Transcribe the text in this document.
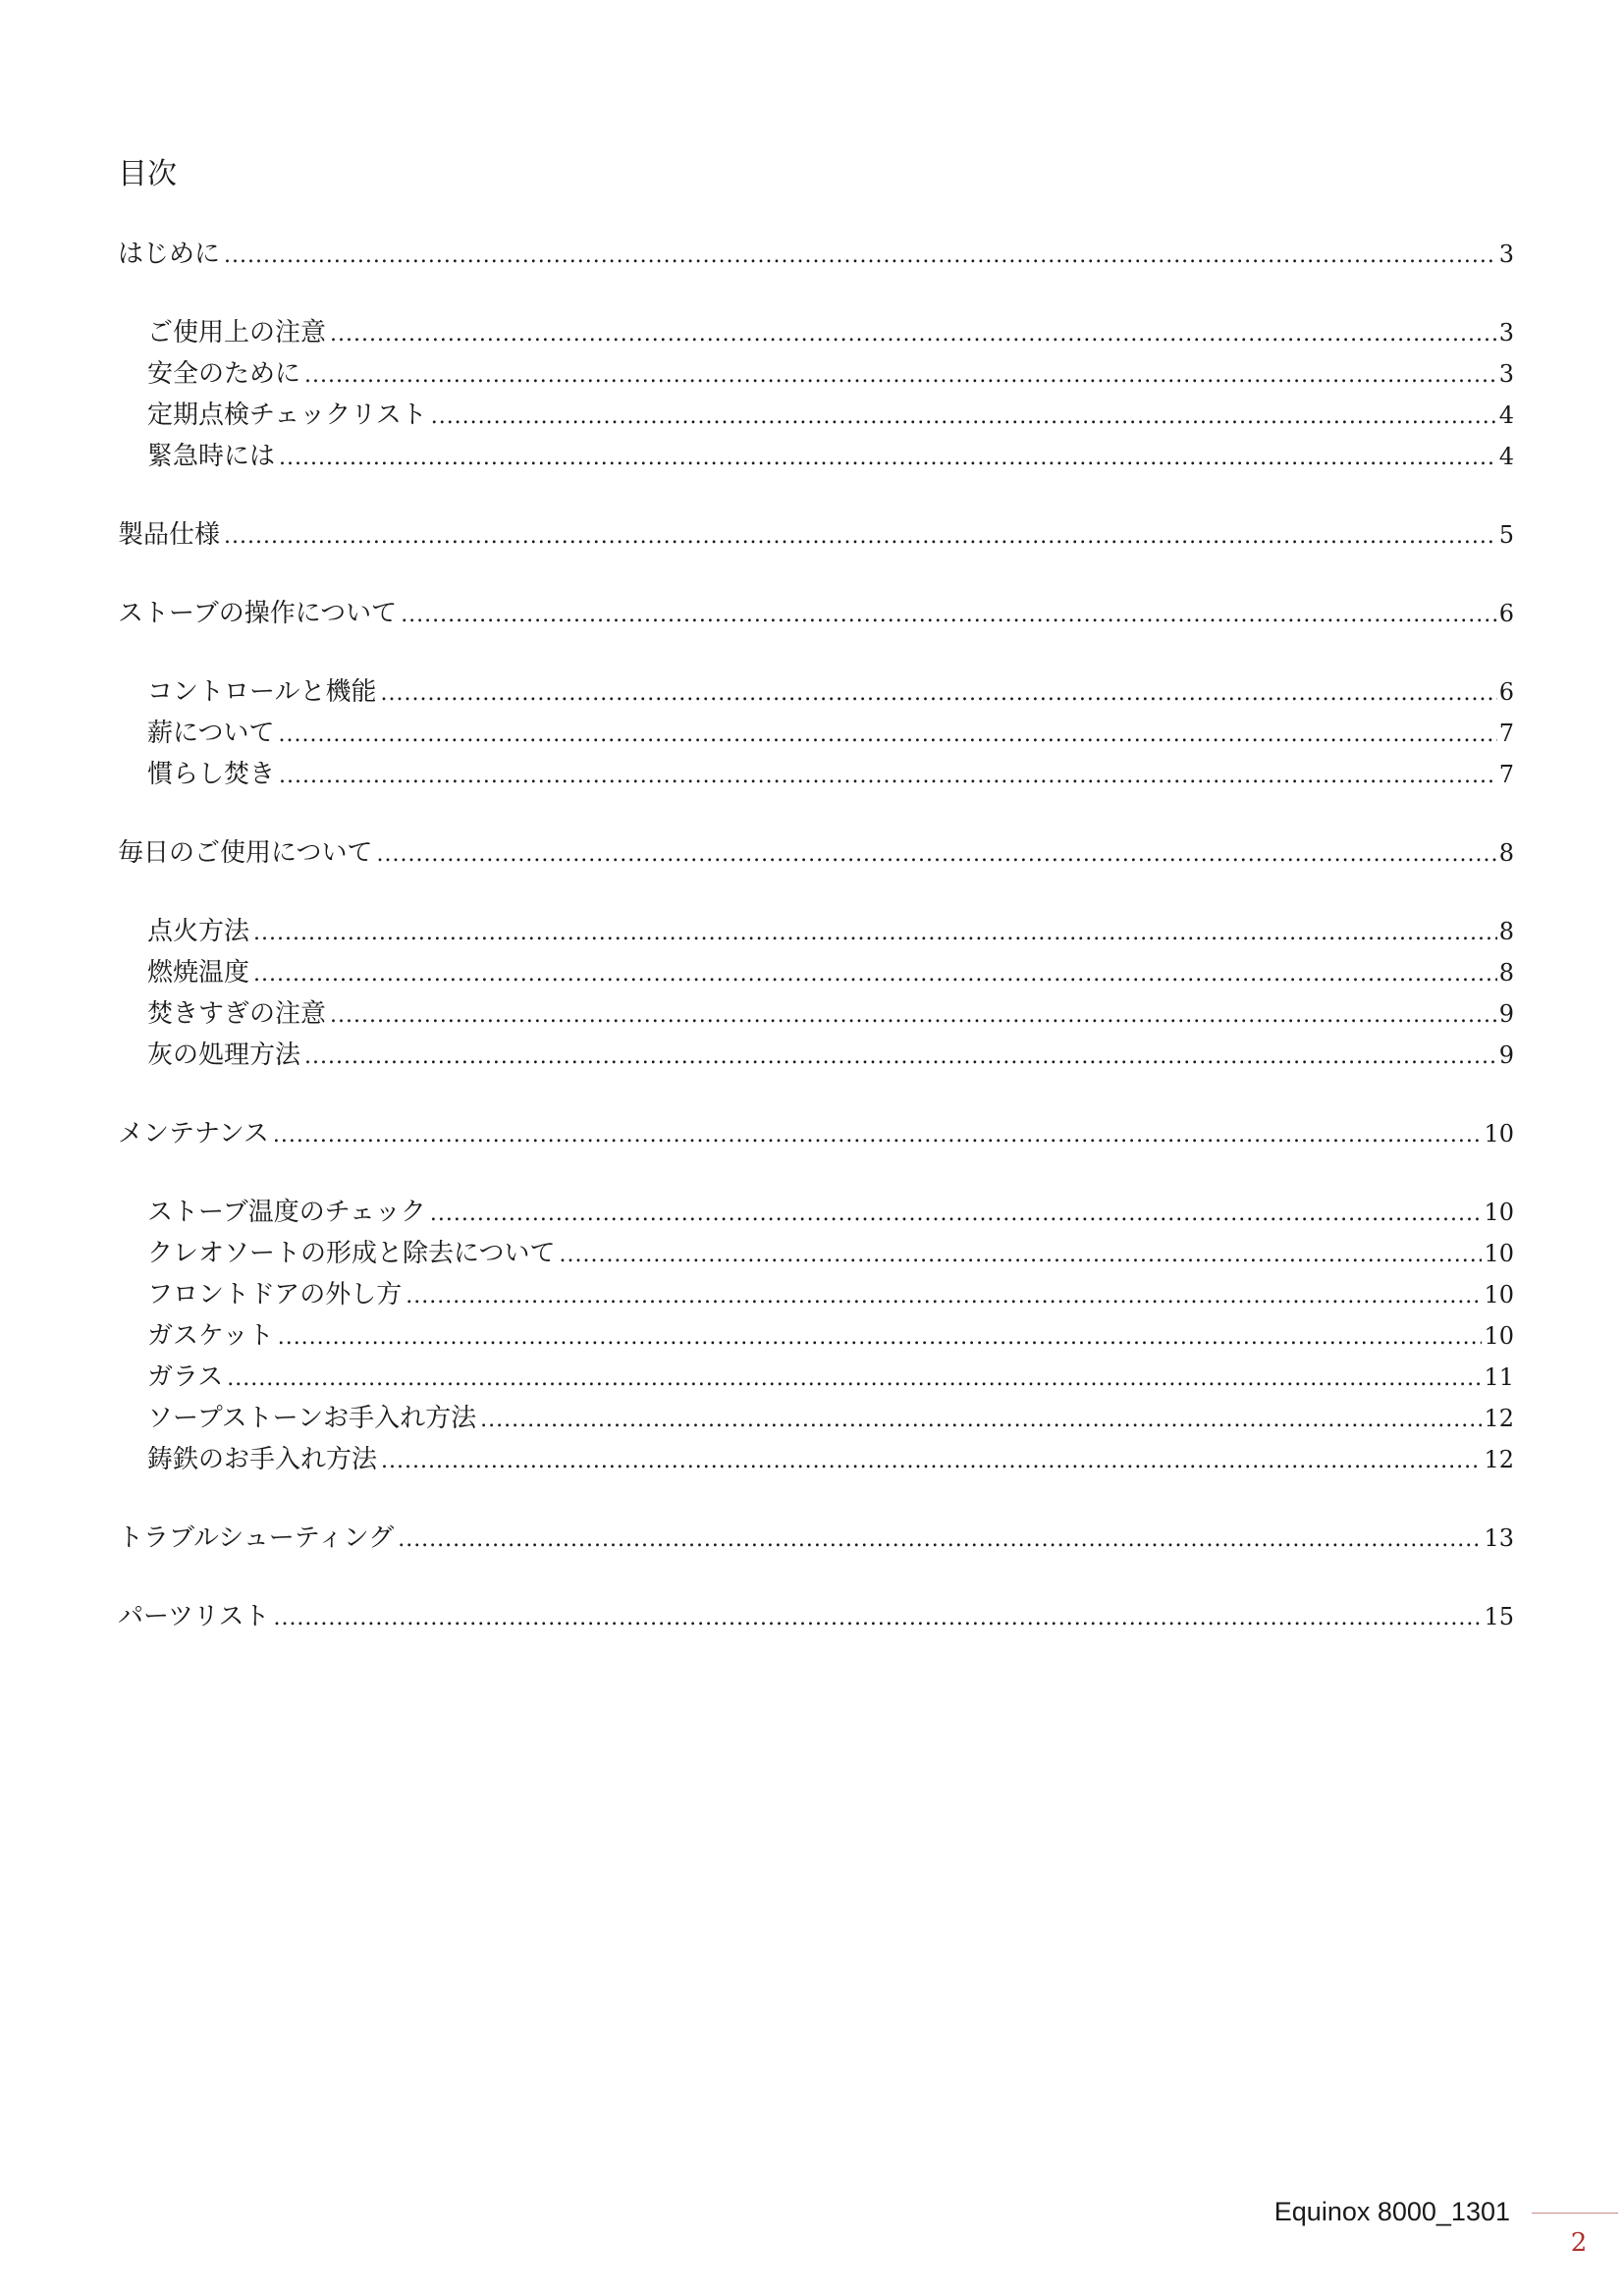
目次
はじめに .....	3
ご使用上の注意 .....	3
安全のために .....	3
定期点検チェックリスト .....	4
緊急時には .....	4
製品仕様 .....	5
ストーブの操作について .....	6
コントロールと機能 .....	6
薪について .....	7
慣らし焚き .....	7
毎日のご使用について .....	8
点火方法 .....	8
燃焼温度 .....	8
焚きすぎの注意 .....	9
灰の処理方法 .....	9
メンテナンス .....	10
ストーブ温度のチェック .....	10
クレオソートの形成と除去について .....	10
フロントドアの外し方 .....	10
ガスケット .....	10
ガラス .....	11
ソープストーンお手入れ方法 .....	12
鋳鉄のお手入れ方法 .....	12
トラブルシューティング .....	13
パーツリスト .....	15
Equinox 8000_1301
2
